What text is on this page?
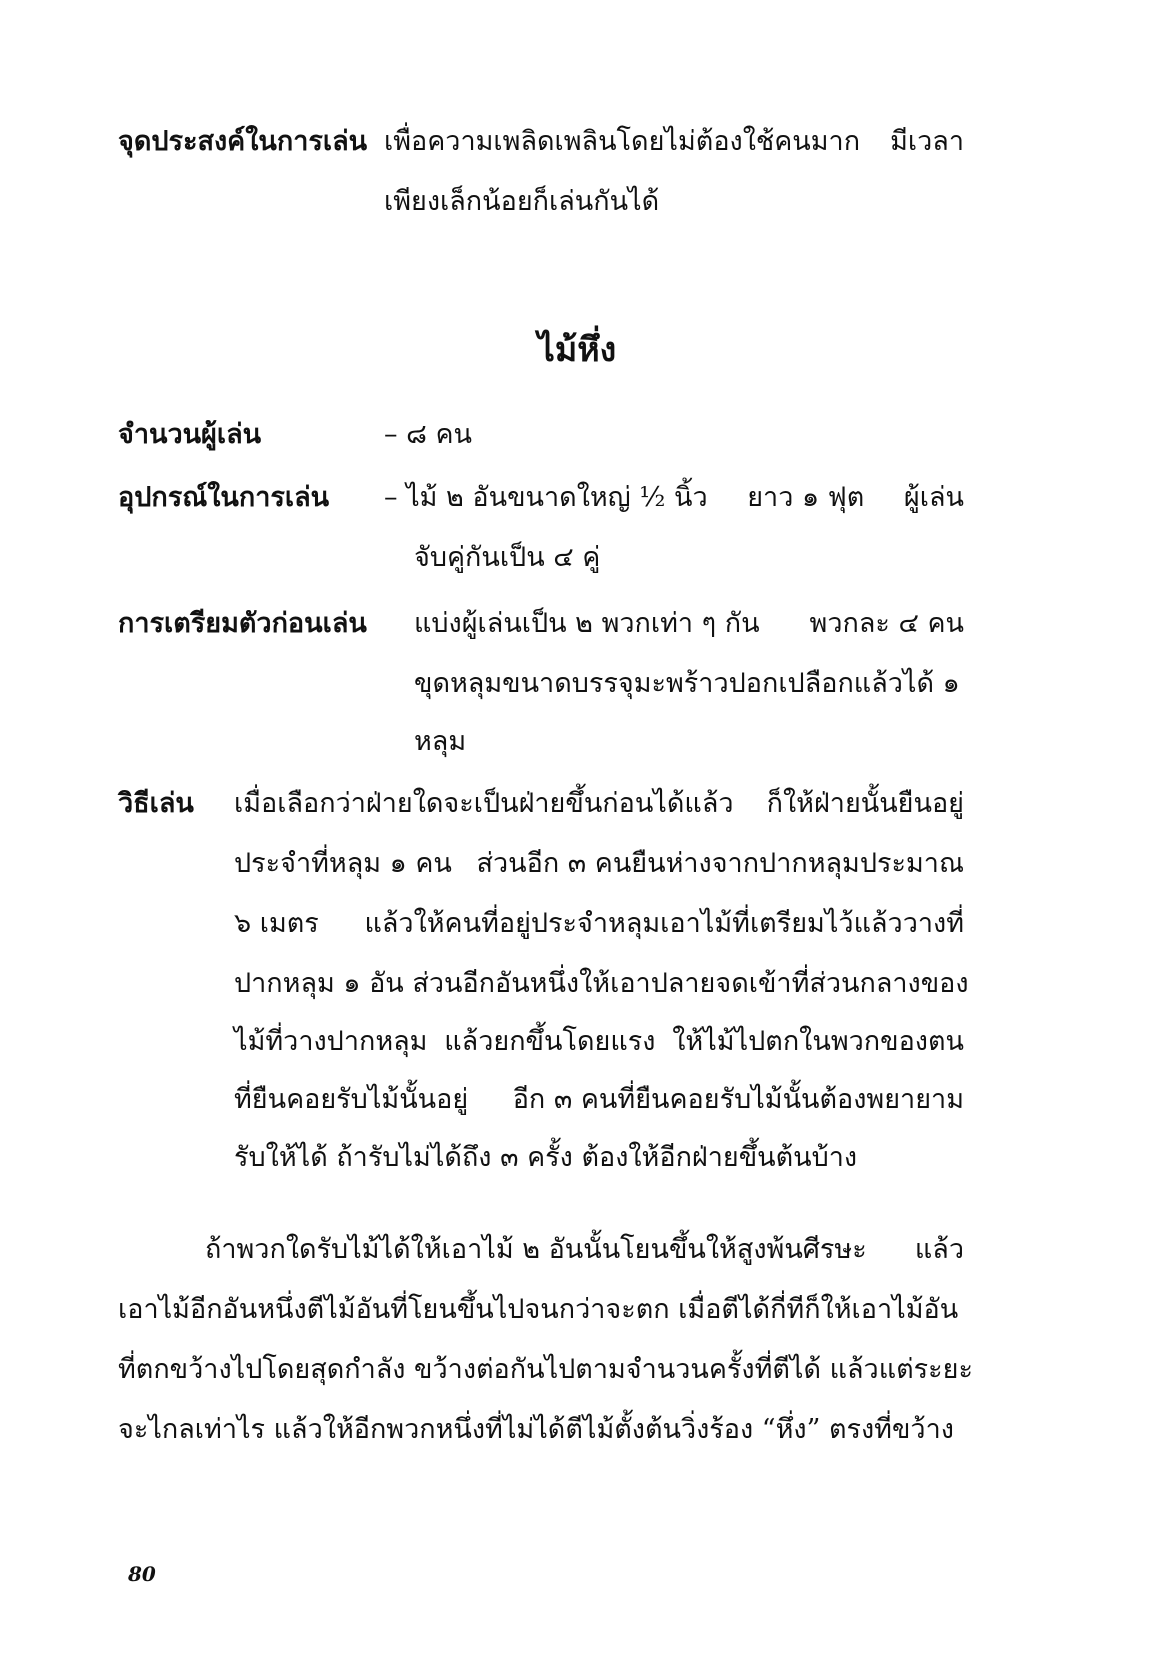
จุดประสงค์ในการเล่น เพื่อความเพลิดเพลินโดยไม่ต้องใช้คนมาก มีเวลา
เพียงเล็กน้อยก็เล่นกันได้
ไม้หึ่ง
จำนวนผู้เล่น	– ๘ คน
อุปกรณ์ในการเล่น – ไม้ ๒ อันขนาดใหญ่ ½ นิ้ว ยาว ๑ ฟุต ผู้เล่น
จับคู่กันเป็น ๔ คู่
การเตรียมตัวก่อนเล่น แบ่งผู้เล่นเป็น ๒ พวกเท่า ๆ กัน พวกละ ๔ คน
ขุดหลุมขนาดบรรจุมะพร้าวปอกเปลือกแล้วได้ ๑
หลุม
วิธีเล่น เมื่อเลือกว่าฝ่ายใดจะเป็นฝ่ายขึ้นก่อนได้แล้ว ก็ให้ฝ่ายนั้นยืนอยู่
ประจำที่หลุม ๑ คน ส่วนอีก ๓ คนยืนห่างจากปากหลุมประมาณ
๖ เมตร แล้วให้คนที่อยู่ประจำหลุมเอาไม้ที่เตรียมไว้แล้ววางที่
ปากหลุม ๑ อัน ส่วนอีกอันหนึ่งให้เอาปลายจดเข้าที่ส่วนกลางของ
ไม้ที่วางปากหลุม แล้วยกขึ้นโดยแรง ให้ไม้ไปตกในพวกของตน
ที่ยืนคอยรับไม้นั้นอยู่ อีก ๓ คนที่ยืนคอยรับไม้นั้นต้องพยายาม
รับให้ได้ ถ้ารับไม่ได้ถึง ๓ ครั้ง ต้องให้อีกฝ่ายขึ้นต้นบ้าง
ถ้าพวกใดรับไม้ได้ให้เอาไม้ ๒ อันนั้นโยนขึ้นให้สูงพ้นศีรษะ แล้ว
เอาไม้อีกอันหนึ่งตีไม้อันที่โยนขึ้นไปจนกว่าจะตก เมื่อตีได้กี่ทีก็ให้เอาไม้อัน
ที่ตกขว้างไปโดยสุดกำลัง ขว้างต่อกันไปตามจำนวนครั้งที่ตีได้ แล้วแต่ระยะ
จะไกลเท่าไร แล้วให้อีกพวกหนึ่งที่ไม่ได้ตีไม้ตั้งต้นวิ่งร้อง “หึ่ง” ตรงที่ขว้าง
80
